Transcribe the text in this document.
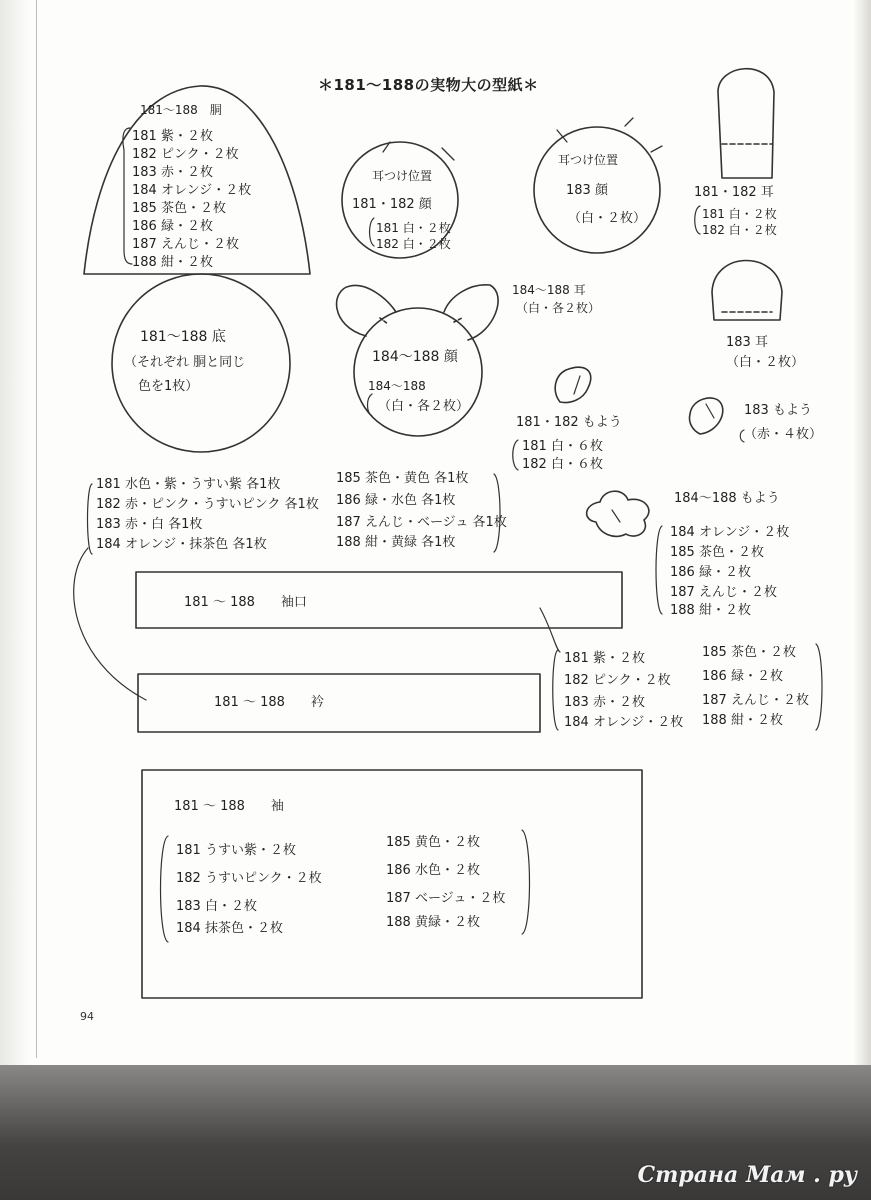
＊181〜188の実物大の型紙＊
181～188　胴
181 紫・２枚
182 ピンク・２枚
183 赤・２枚
184 オレンジ・２枚
185 茶色・２枚
186 緑・２枚
187 えんじ・２枚
188 紺・２枚
181～188 底
（それぞれ 胴と同じ
色を1枚）
耳つけ位置
181・182 顔
181 白・２枚
182 白・２枚
耳つけ位置
183 顔
（白・２枚）
184～188 顔
184～188
（白・各２枚）
184～188 耳
（白・各２枚）
181・182 耳
181 白・２枚
182 白・２枚
183 耳
（白・２枚）
181・182 もよう
181 白・６枚
182 白・６枚
183 もよう
（赤・４枚）
184～188 もよう
184 オレンジ・２枚
185 茶色・２枚
186 緑・２枚
187 えんじ・２枚
188 紺・２枚
181 水色・紫・うすい紫 各1枚
182 赤・ピンク・うすいピンク 各1枚
183 赤・白 各1枚
184 オレンジ・抹茶色 各1枚
185 茶色・黄色 各1枚
186 緑・水色 各1枚
187 えんじ・ベージュ 各1枚
188 紺・黄緑 各1枚
181 ～ 188　　袖口
181 ～ 188　　衿
181 紫・２枚
182 ピンク・２枚
183 赤・２枚
184 オレンジ・２枚
185 茶色・２枚
186 緑・２枚
187 えんじ・２枚
188 紺・２枚
181 ～ 188　　袖
181 うすい紫・２枚
182 うすいピンク・２枚
183 白・２枚
184 抹茶色・２枚
185 黄色・２枚
186 水色・２枚
187 ベージュ・２枚
188 黄緑・２枚
94
Страна Мам . ру
